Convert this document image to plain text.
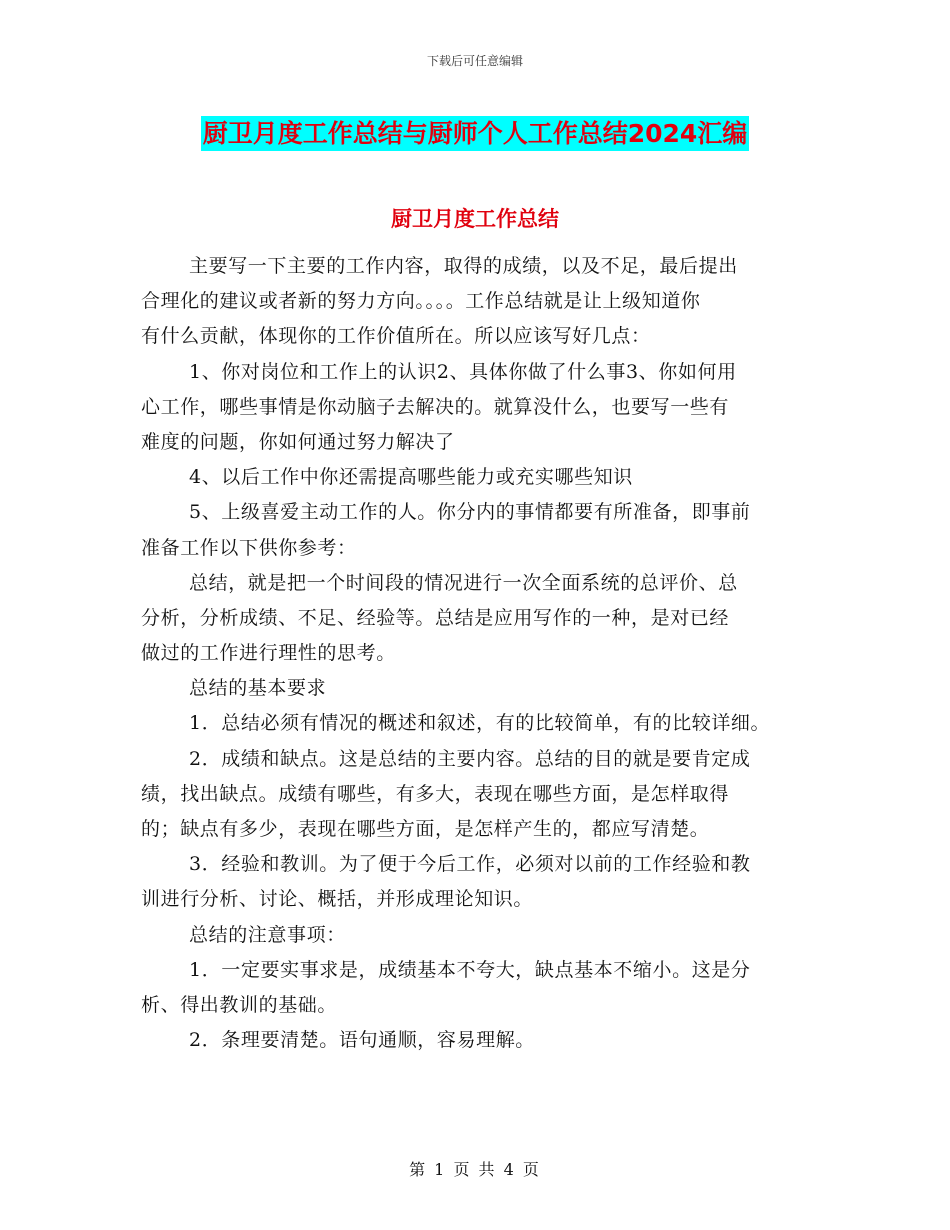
下载后可任意编辑
厨卫月度工作总结与厨师个人工作总结2024汇编
厨卫月度工作总结
主要写一下主要的工作内容，取得的成绩，以及不足，最后提出
合理化的建议或者新的努力方向。。。。工作总结就是让上级知道你
有什么贡献，体现你的工作价值所在。所以应该写好几点：
1、你对岗位和工作上的认识2、具体你做了什么事3、你如何用
心工作，哪些事情是你动脑子去解决的。就算没什么，也要写一些有
难度的问题，你如何通过努力解决了
4、以后工作中你还需提高哪些能力或充实哪些知识
5、上级喜爱主动工作的人。你分内的事情都要有所准备，即事前
准备工作以下供你参考：
总结，就是把一个时间段的情况进行一次全面系统的总评价、总
分析，分析成绩、不足、经验等。总结是应用写作的一种，是对已经
做过的工作进行理性的思考。
总结的基本要求
1．总结必须有情况的概述和叙述，有的比较简单，有的比较详细。
2．成绩和缺点。这是总结的主要内容。总结的目的就是要肯定成
绩，找出缺点。成绩有哪些，有多大，表现在哪些方面，是怎样取得
的；缺点有多少，表现在哪些方面，是怎样产生的，都应写清楚。
3．经验和教训。为了便于今后工作，必须对以前的工作经验和教
训进行分析、讨论、概括，并形成理论知识。
总结的注意事项：
1．一定要实事求是，成绩基本不夸大，缺点基本不缩小。这是分
析、得出教训的基础。
2．条理要清楚。语句通顺，容易理解。
第 1 页 共 4 页
